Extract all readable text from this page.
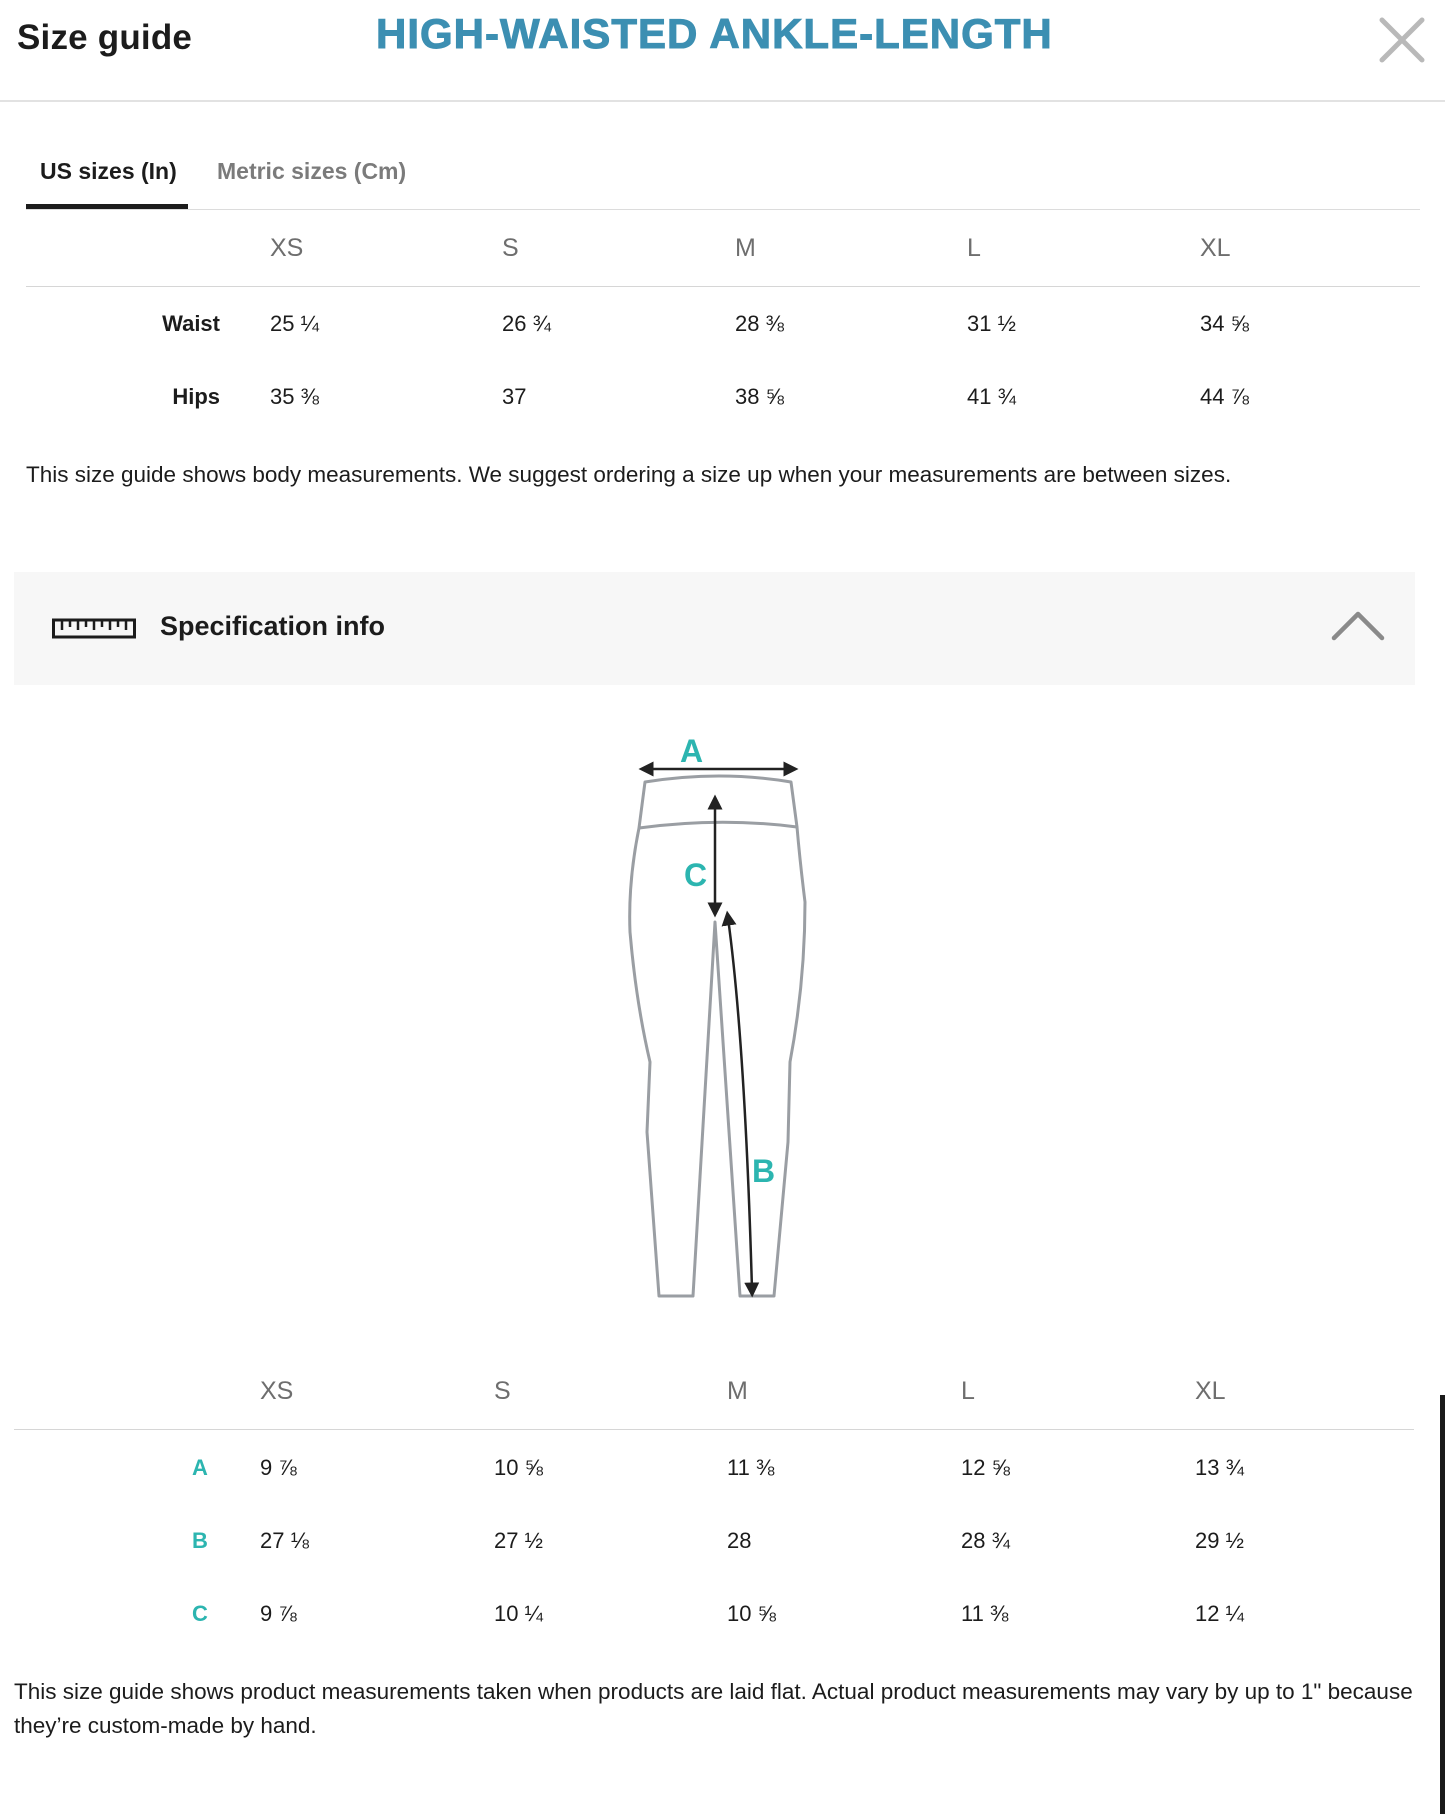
Size guide	HIGH-WAISTED ANKLE-LENGTH
US sizes (In) Metric sizes (Cm)
XS	S	M	L	XL
Waist 25 ¼	26 ¾	28 ⅜	31 ½	34 ⅝
Hips 35 ⅜	37	38 ⅝	41 ¾	44 ⅞
This size guide shows body measurements. We suggest ordering a size up when your measurements are between sizes.
Specification info
A
C
B
XS	S	M	L	XL
A	9 ⅞	10 ⅝	11 ⅜	12 ⅝	13 ¾
B	27 ⅛	27 ½	28	28 ¾	29 ½
C	9 ⅞	10 ¼	10 ⅝	11 ⅜	12 ¼
This size guide shows product measurements taken when products are laid flat. Actual product measurements may vary by up to 1" because they’re custom-made by hand.
